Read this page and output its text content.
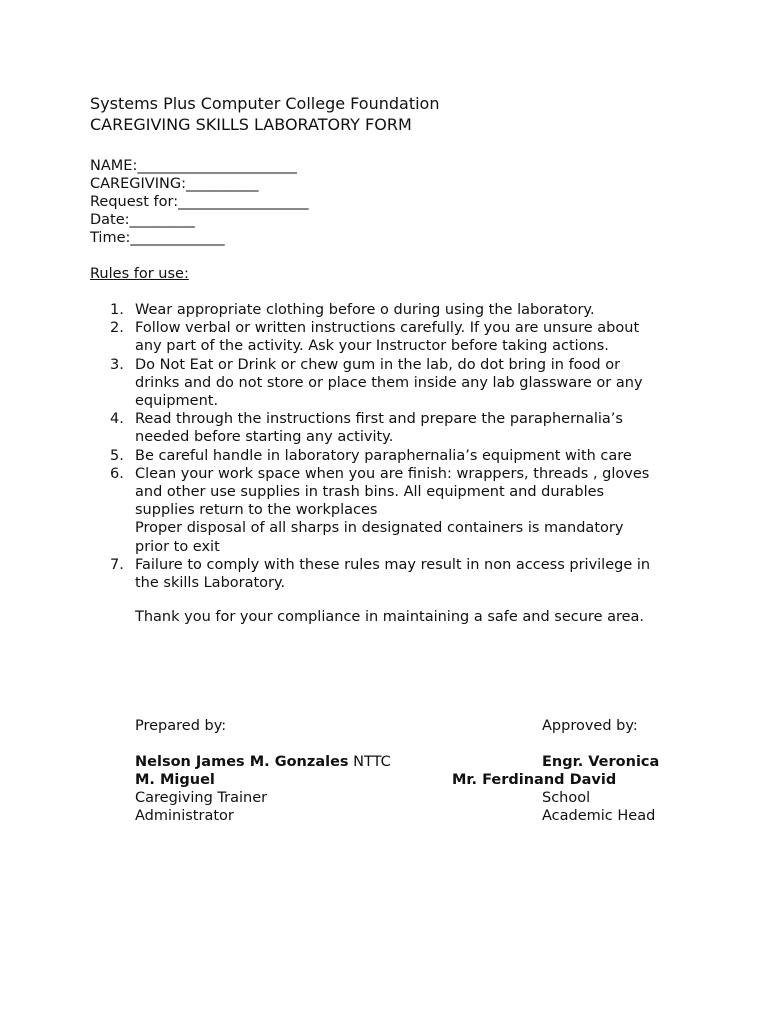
Systems Plus Computer College Foundation
CAREGIVING SKILLS LABORATORY FORM
NAME:______________________
CAREGIVING:__________
Request for:__________________
Date:_________
Time:_____________
Rules for use:
1. Wear appropriate clothing before o during using the laboratory.
2. Follow verbal or written instructions carefully. If you are unsure about
any part of the activity. Ask your Instructor before taking actions.
3. Do Not Eat or Drink or chew gum in the lab, do dot bring in food or
drinks and do not store or place them inside any lab glassware or any
equipment.
4. Read through the instructions first and prepare the paraphernalia’s
needed before starting any activity.
5. Be careful handle in laboratory paraphernalia’s equipment with care
6. Clean your work space when you are finish: wrappers, threads , gloves
and other use supplies in trash bins. All equipment and durables
supplies return to the workplaces
Proper disposal of all sharps in designated containers is mandatory
prior to exit
7. Failure to comply with these rules may result in non access privilege in
the skills Laboratory.
Thank you for your compliance in maintaining a safe and secure area.
Prepared by:	Approved by:
Nelson James M. Gonzales NTTC	Engr. Veronica
M. Miguel	Mr. Ferdinand David
Caregiving Trainer	School
Administrator	Academic Head
